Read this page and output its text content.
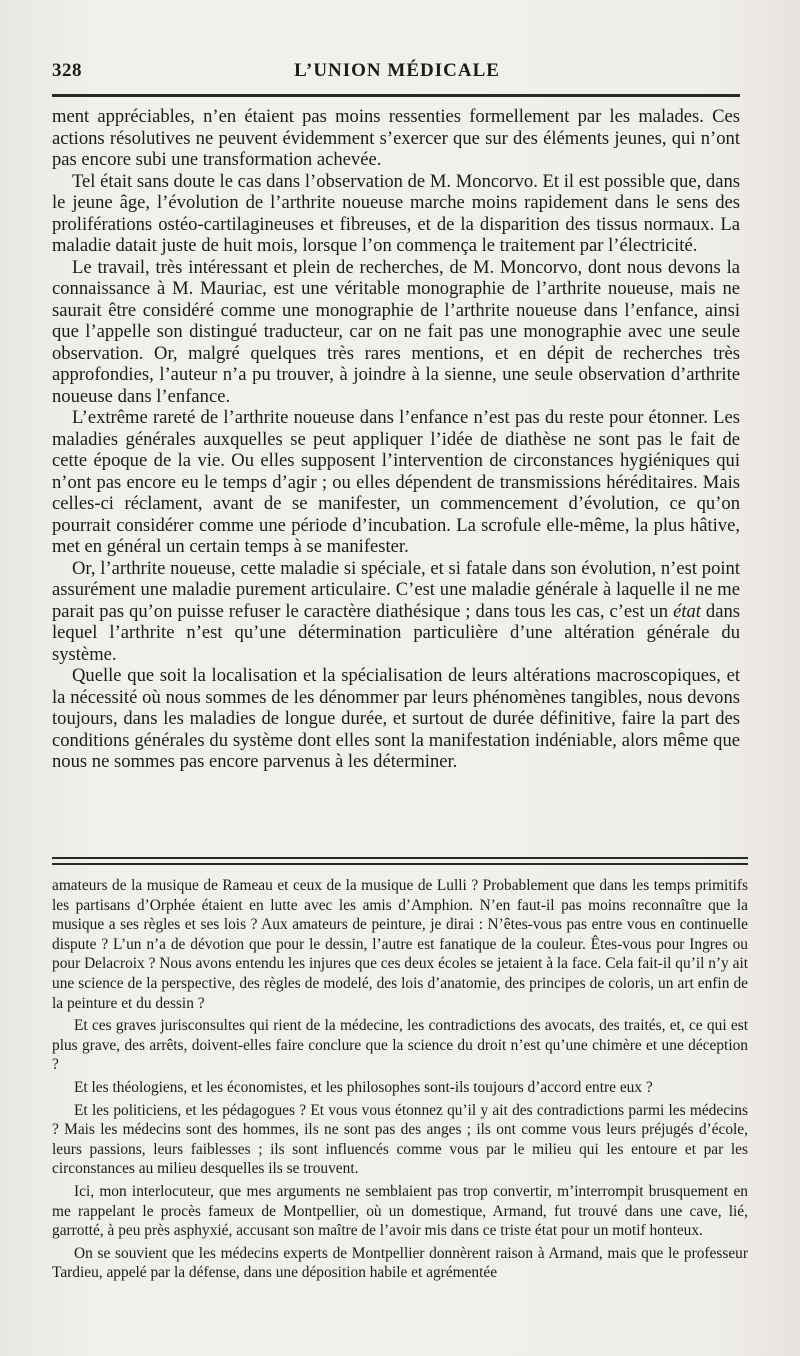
328	L’UNION MÉDICALE

ment appréciables, n’en étaient pas moins ressenties formellement par les malades. Ces actions résolutives ne peuvent évidemment s’exercer que sur des éléments jeunes, qui n’ont pas encore subi une transformation achevée.

Tel était sans doute le cas dans l’observation de M. Moncorvo. Et il est possible que, dans le jeune âge, l’évolution de l’arthrite noueuse marche moins rapidement dans le sens des proliférations ostéo-cartilagineuses et fibreuses, et de la disparition des tissus normaux. La maladie datait juste de huit mois, lorsque l’on commença le traitement par l’électricité.

Le travail, très intéressant et plein de recherches, de M. Moncorvo, dont nous devons la connaissance à M. Mauriac, est une véritable monographie de l’arthrite noueuse, mais ne saurait être considéré comme une monographie de l’arthrite noueuse dans l’enfance, ainsi que l’appelle son distingué traducteur, car on ne fait pas une monographie avec une seule observation. Or, malgré quelques très rares mentions, et en dépit de recherches très approfondies, l’auteur n’a pu trouver, à joindre à la sienne, une seule observation d’arthrite noueuse dans l’enfance.

L’extrême rareté de l’arthrite noueuse dans l’enfance n’est pas du reste pour étonner. Les maladies générales auxquelles se peut appliquer l’idée de diathèse ne sont pas le fait de cette époque de la vie. Ou elles supposent l’intervention de circonstances hygiéniques qui n’ont pas encore eu le temps d’agir ; ou elles dépendent de transmissions héréditaires. Mais celles-ci réclament, avant de se manifester, un commencement d’évolution, ce qu’on pourrait considérer comme une période d’incubation. La scrofule elle-même, la plus hâtive, met en général un certain temps à se manifester.

Or, l’arthrite noueuse, cette maladie si spéciale, et si fatale dans son évolution, n’est point assurément une maladie purement articulaire. C’est une maladie générale à laquelle il ne me parait pas qu’on puisse refuser le caractère diathésique ; dans tous les cas, c’est un état dans lequel l’arthrite n’est qu’une détermination particulière d’une altération générale du système.

Quelle que soit la localisation et la spécialisation de leurs altérations macroscopiques, et la nécessité où nous sommes de les dénommer par leurs phénomènes tangibles, nous devons toujours, dans les maladies de longue durée, et surtout de durée définitive, faire la part des conditions générales du système dont elles sont la manifestation indéniable, alors même que nous ne sommes pas encore parvenus à les déterminer.

amateurs de la musique de Rameau et ceux de la musique de Lulli ? Probablement que dans les temps primitifs les partisans d’Orphée étaient en lutte avec les amis d’Amphion. N’en faut-il pas moins reconnaître que la musique a ses règles et ses lois ? Aux amateurs de peinture, je dirai : N’êtes-vous pas entre vous en continuelle dispute ? L’un n’a de dévotion que pour le dessin, l’autre est fanatique de la couleur. Êtes-vous pour Ingres ou pour Delacroix ? Nous avons entendu les injures que ces deux écoles se jetaient à la face. Cela fait-il qu’il n’y ait une science de la perspective, des règles de modelé, des lois d’anatomie, des principes de coloris, un art enfin de la peinture et du dessin ?

Et ces graves jurisconsultes qui rient de la médecine, les contradictions des avocats, des traités, et, ce qui est plus grave, des arrêts, doivent-elles faire conclure que la science du droit n’est qu’une chimère et une déception ?

Et les théologiens, et les économistes, et les philosophes sont-ils toujours d’accord entre eux ?

Et les politiciens, et les pédagogues ? Et vous vous étonnez qu’il y ait des contradictions parmi les médecins ? Mais les médecins sont des hommes, ils ne sont pas des anges ; ils ont comme vous leurs préjugés d’école, leurs passions, leurs faiblesses ; ils sont influencés comme vous par le milieu qui les entoure et par les circonstances au milieu desquelles ils se trouvent.

Ici, mon interlocuteur, que mes arguments ne semblaient pas trop convertir, m’interrompit brusquement en me rappelant le procès fameux de Montpellier, où un domestique, Armand, fut trouvé dans une cave, lié, garrotté, à peu près asphyxié, accusant son maître de l’avoir mis dans ce triste état pour un motif honteux.

On se souvient que les médecins experts de Montpellier donnèrent raison à Armand, mais que le professeur Tardieu, appelé par la défense, dans une déposition habile et agrémentée
